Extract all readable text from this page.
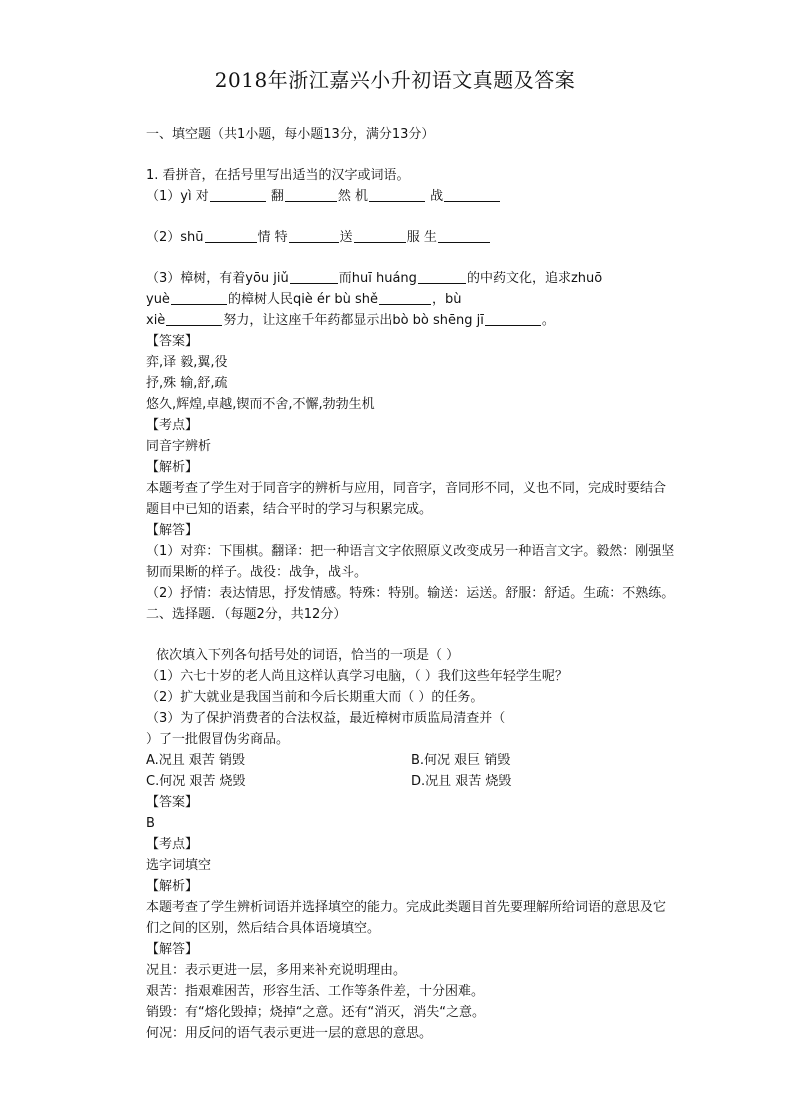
2018年浙江嘉兴小升初语文真题及答案

一、填空题（共1小题，每小题13分，满分13分）

1. 看拼音，在括号里写出适当的汉字或词语。

（1）yì 对	翻	然 机	战

（2）shū	情 特	送	服 生

（3）樟树，有着yōu jiǔ	而huī huáng	的中药文化，追求zhuō

yuè	的樟树人民qiè ér bù shě	，bù

xiè	努力，让这座千年药都显示出bò bò shēng jī	。

【答案】

弈,译 毅,翼,役

抒,殊 输,舒,疏

悠久,辉煌,卓越,锲而不舍,不懈,勃勃生机

【考点】

同音字辨析

【解析】

本题考查了学生对于同音字的辨析与应用，同音字，音同形不同，义也不同，完成时要结合题目中已知的语素，结合平时的学习与积累完成。

【解答】

（1）对弈：下围棋。翻译：把一种语言文字依照原义改变成另一种语言文字。毅然：刚强坚韧而果断的样子。战役：战争，战斗。

（2）抒情：表达情思，抒发情感。特殊：特别。输送：运送。舒服：舒适。生疏：不熟练。

二、选择题．（每题2分，共12分）

依次填入下列各句括号处的词语，恰当的一项是（ ）

（1）六七十岁的老人尚且这样认真学习电脑，（ ）我们这些年轻学生呢？

（2）扩大就业是我国当前和今后长期重大而（ ）的任务。

（3）为了保护消费者的合法权益，最近樟树市质监局清查并（

）了一批假冒伪劣商品。

A.况且 艰苦 销毁	B.何况 艰巨 销毁
C.何况 艰苦 烧毁	D.况且 艰苦 烧毁

【答案】

B

【考点】

选字词填空

【解析】

本题考查了学生辨析词语并选择填空的能力。完成此类题目首先要理解所给词语的意思及它们之间的区别，然后结合具体语境填空。

【解答】

况且：表示更进一层，多用来补充说明理由。

艰苦：指艰难困苦，形容生活、工作等条件差，十分困难。

销毁：有“熔化毁掉；烧掉“之意。还有“消灭，消失“之意。

何况：用反问的语气表示更进一层的意思的意思。
